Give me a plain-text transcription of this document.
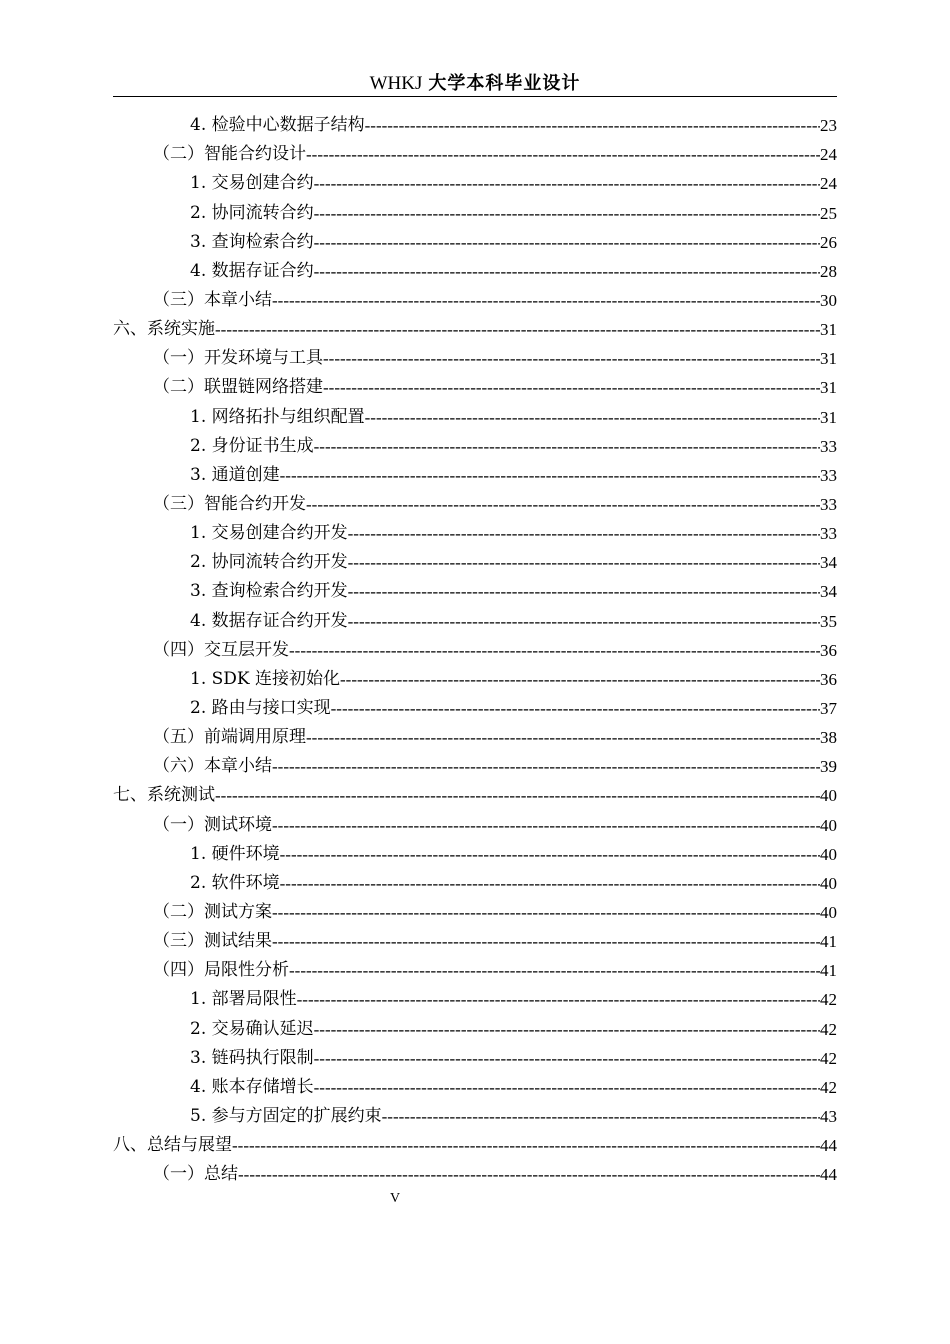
WHKJ 大学本科毕业设计
4. 检验中心数据子结构 -----	23
（二）智能合约设计 -----	24
1. 交易创建合约 -----	24
2. 协同流转合约 -----	25
3. 查询检索合约 -----	26
4. 数据存证合约 -----	28
（三）本章小结 -----	30
六、系统实施 -----	31
（一）开发环境与工具 -----	31
（二）联盟链网络搭建 -----	31
1. 网络拓扑与组织配置 -----	31
2. 身份证书生成 -----	33
3. 通道创建 -----	33
（三）智能合约开发 -----	33
1. 交易创建合约开发 -----	33
2. 协同流转合约开发 -----	34
3. 查询检索合约开发 -----	34
4. 数据存证合约开发 -----	35
（四）交互层开发 -----	36
1. SDK 连接初始化 -----	36
2. 路由与接口实现 -----	37
（五）前端调用原理 -----	38
（六）本章小结 -----	39
七、系统测试 -----	40
（一）测试环境 -----	40
1. 硬件环境 -----	40
2. 软件环境 -----	40
（二）测试方案 -----	40
（三）测试结果 -----	41
（四）局限性分析 -----	41
1. 部署局限性 -----	42
2. 交易确认延迟 -----	42
3. 链码执行限制 -----	42
4. 账本存储增长 -----	42
5. 参与方固定的扩展约束 -----	43
八、总结与展望 -----	44
（一）总结 -----	44
V
